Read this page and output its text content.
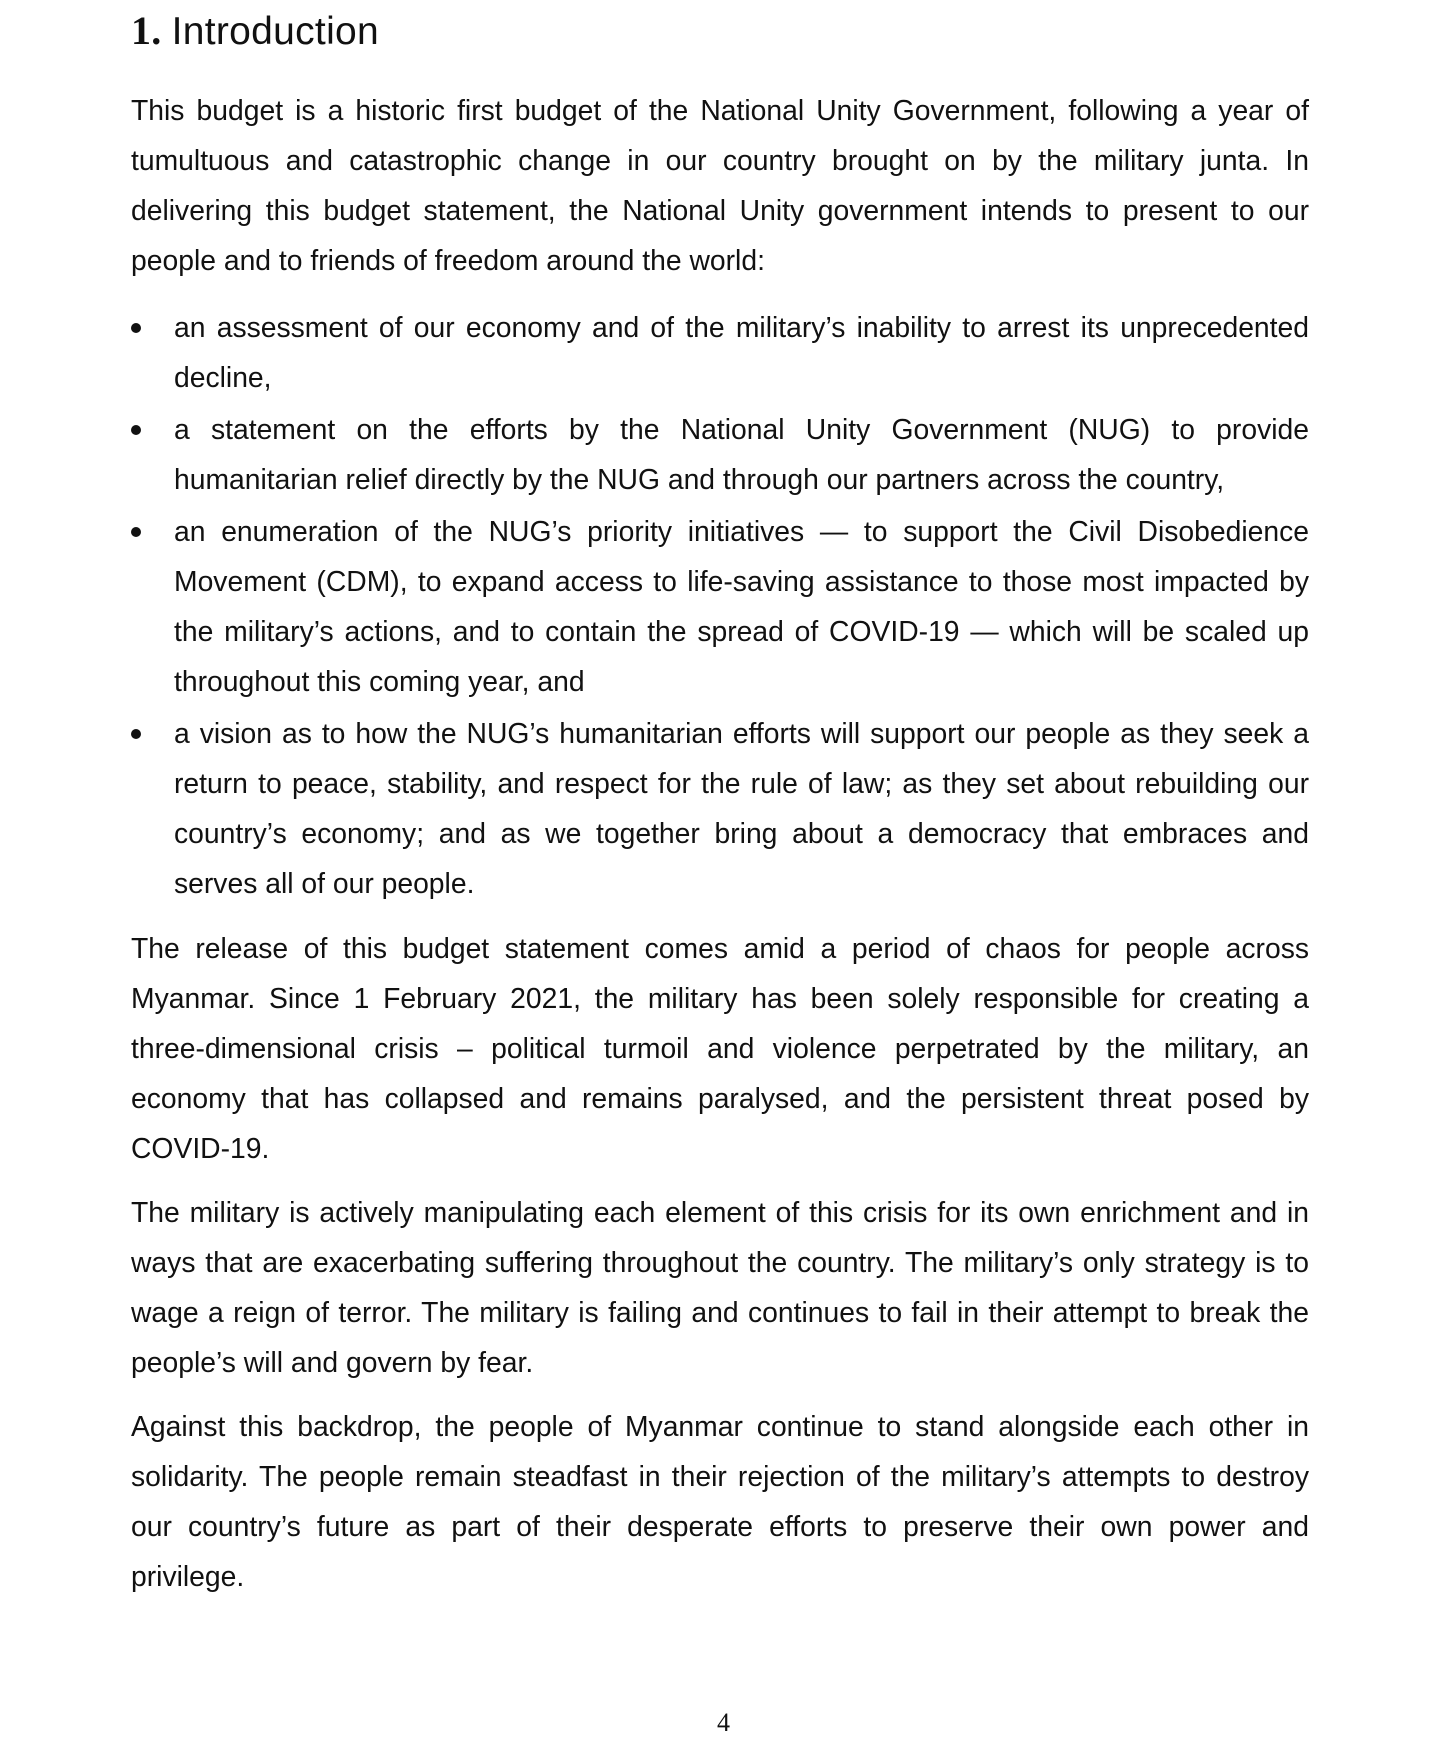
1. Introduction

This budget is a historic first budget of the National Unity Government, following a year of tumultuous and catastrophic change in our country brought on by the military junta. In delivering this budget statement, the National Unity government intends to present to our people and to friends of freedom around the world:

an assessment of our economy and of the military’s inability to arrest its unprecedented decline,

a statement on the efforts by the National Unity Government (NUG) to provide humanitarian relief directly by the NUG and through our partners across the country,

an enumeration of the NUG’s priority initiatives — to support the Civil Disobedience Movement (CDM), to expand access to life-saving assistance to those most impacted by the military’s actions, and to contain the spread of COVID-19 — which will be scaled up throughout this coming year, and

a vision as to how the NUG’s humanitarian efforts will support our people as they seek a return to peace, stability, and respect for the rule of law; as they set about rebuilding our country’s economy; and as we together bring about a democracy that embraces and serves all of our people.

The release of this budget statement comes amid a period of chaos for people across Myanmar. Since 1 February 2021, the military has been solely responsible for creating a three-dimensional crisis – political turmoil and violence perpetrated by the military, an economy that has collapsed and remains paralysed, and the persistent threat posed by COVID-19.

The military is actively manipulating each element of this crisis for its own enrichment and in ways that are exacerbating suffering throughout the country. The military’s only strategy is to wage a reign of terror. The military is failing and continues to fail in their attempt to break the people’s will and govern by fear.

Against this backdrop, the people of Myanmar continue to stand alongside each other in solidarity. The people remain steadfast in their rejection of the military’s attempts to destroy our country’s future as part of their desperate efforts to preserve their own power and privilege.

4
